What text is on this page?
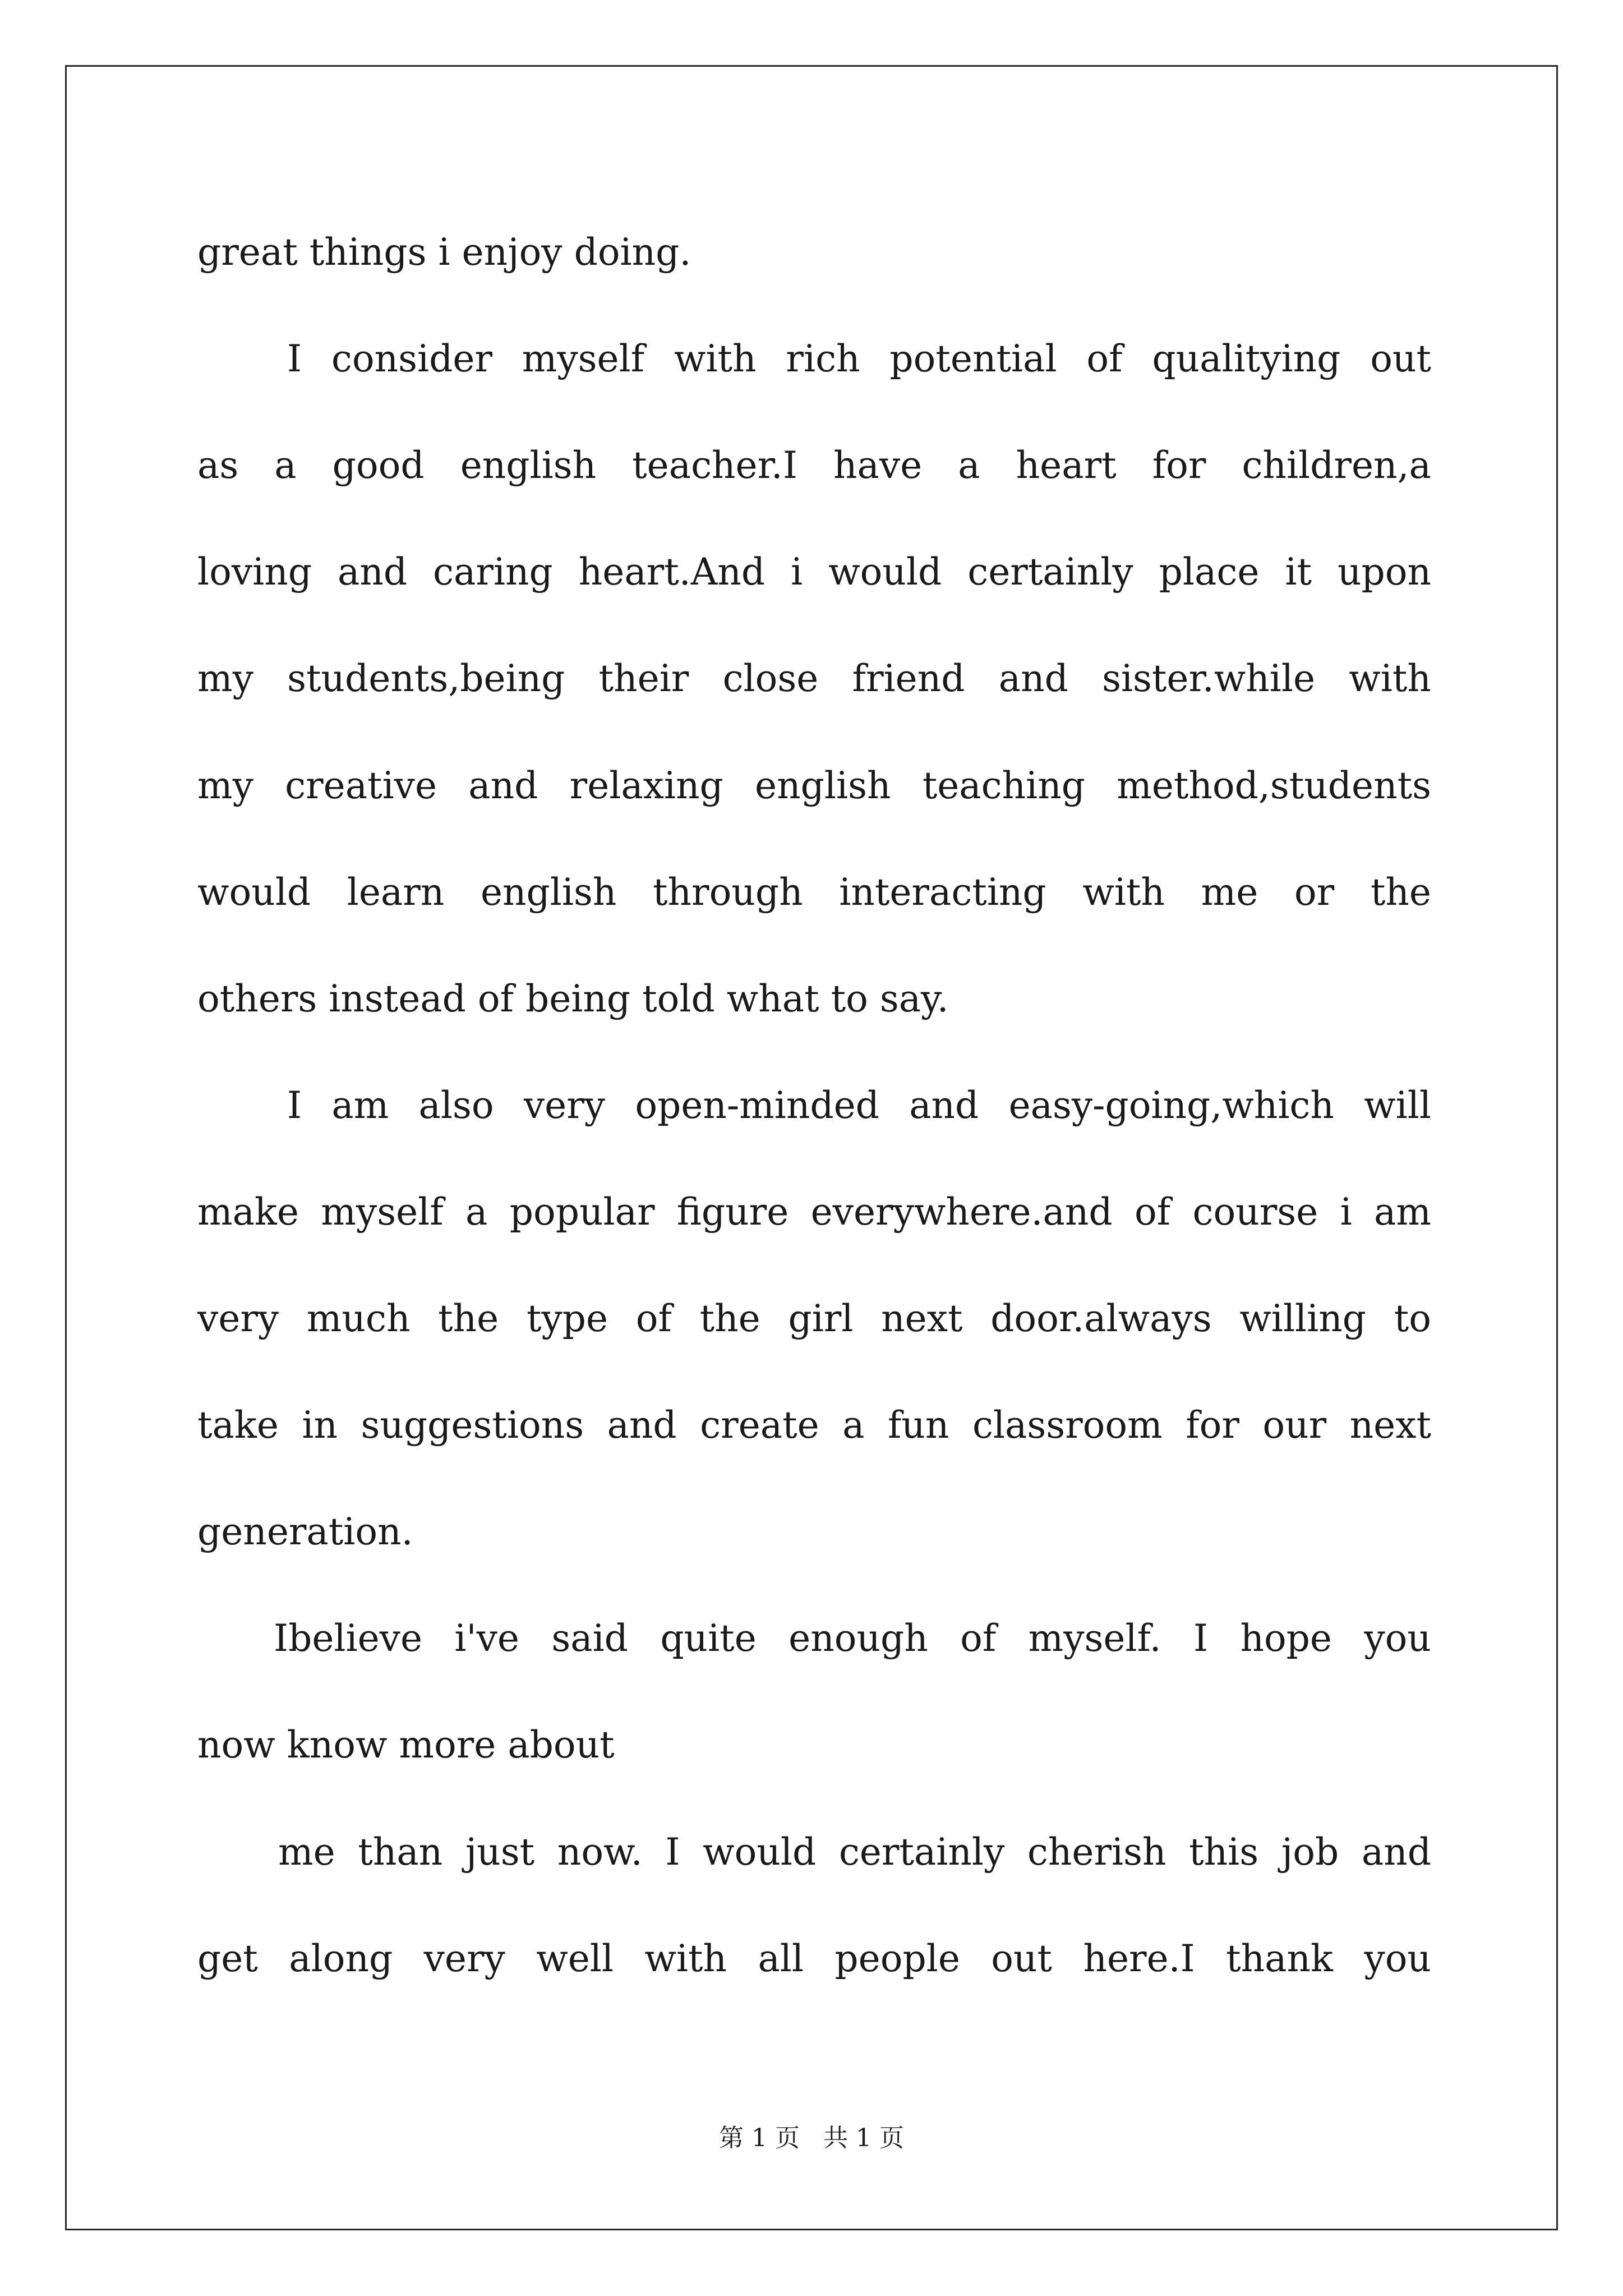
great things i enjoy doing.
I consider myself with rich potential of qualitying out
as a good english teacher.I have a heart for children,a
loving and caring heart.And i would certainly place it upon
my students,being their close friend and sister.while with
my creative and relaxing english teaching method,students
would learn english through interacting with me or the
others instead of being told what to say.
I am also very open-minded and easy-going,which will
make myself a popular figure everywhere.and of course i am
very much the type of the girl next door.always willing to
take in suggestions and create a fun classroom for our next
generation.
Ibelieve i've said quite enough of myself. I hope you
now know more about
me than just now. I would certainly cherish this job and
get along very well with all people out here.I thank you
第 1 页   共 1 页
